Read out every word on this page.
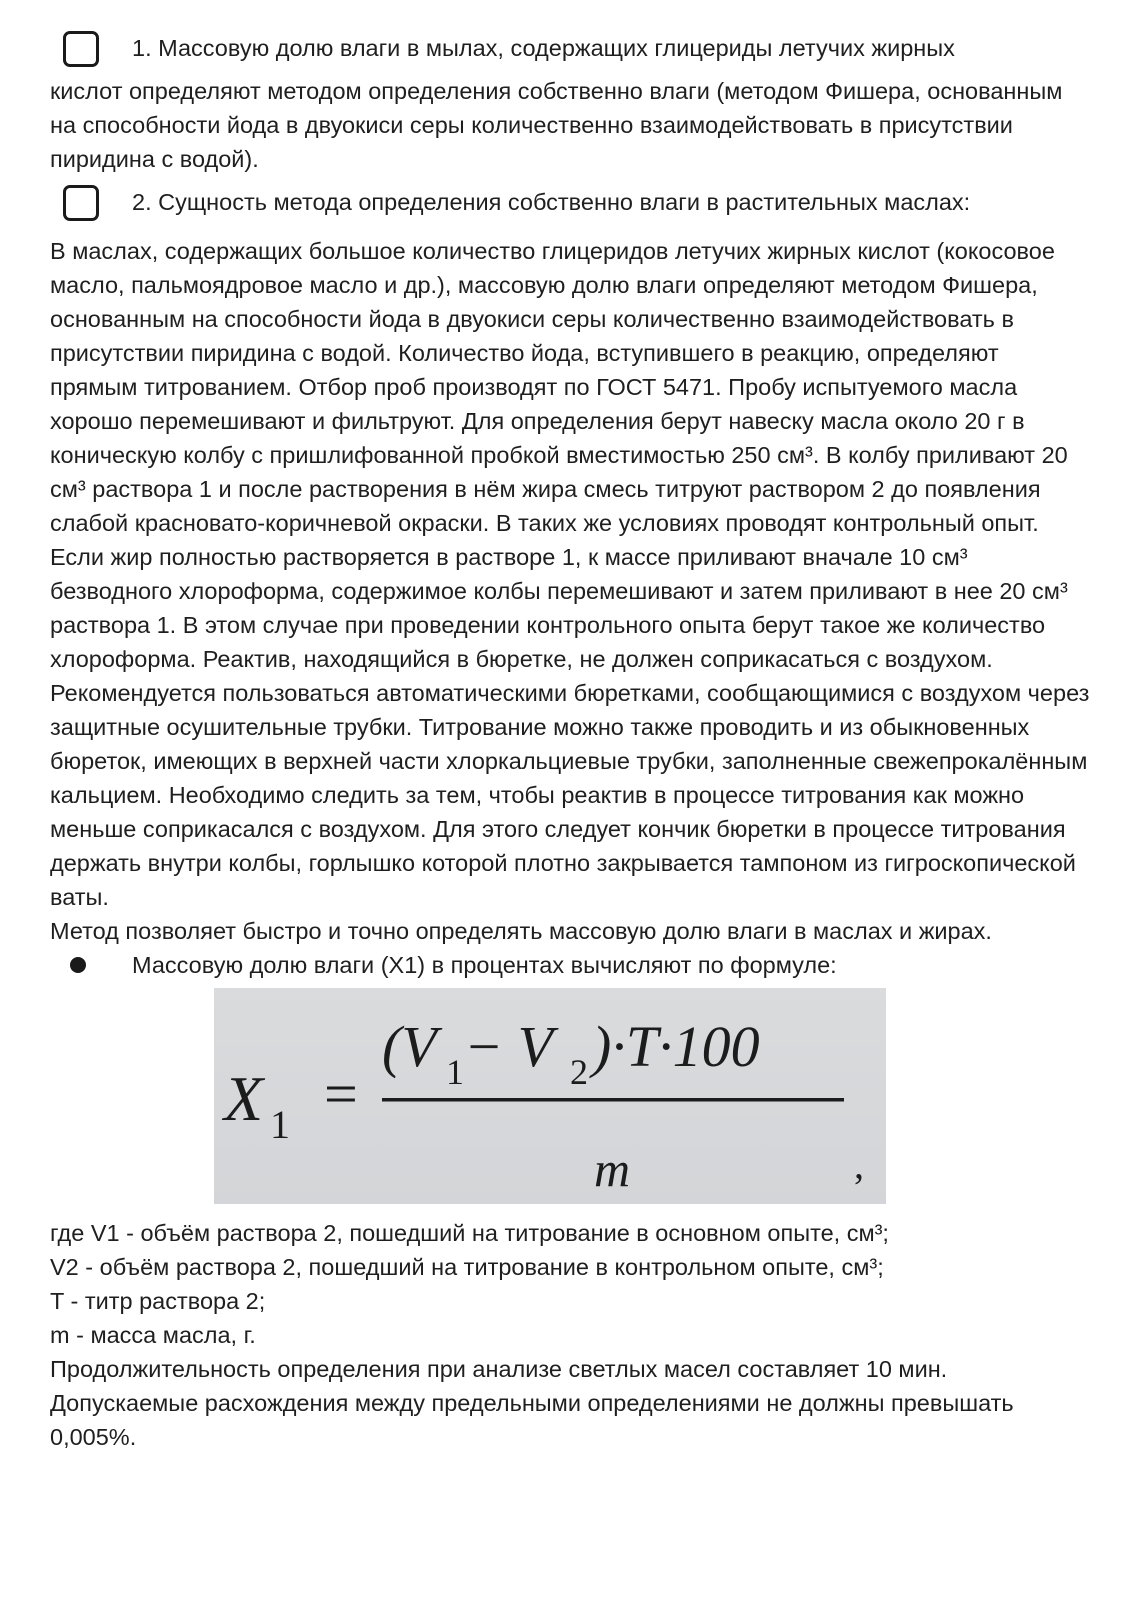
1. Массовую долю влаги в мылах, содержащих глицериды летучих жирных

кислот определяют методом определения собственно влаги (методом Фишера, основанным на способности йода в двуокиси серы количественно взаимодействовать в присутствии пиридина с водой).

2. Сущность метода определения собственно влаги в растительных маслах:

В маслах, содержащих большое количество глицеридов летучих жирных кислот (кокосовое масло, пальмоядровое масло и др.), массовую долю влаги определяют методом Фишера, основанным на способности йода в двуокиси серы количественно взаимодействовать в присутствии пиридина с водой. Количество йода, вступившего в реакцию, определяют прямым титрованием. Отбор проб производят по ГОСТ 5471. Пробу испытуемого масла хорошо перемешивают и фильтруют. Для определения берут навеску масла около 20 г в коническую колбу с пришлифованной пробкой вместимостью 250 см³. В колбу приливают 20 см³ раствора 1 и после растворения в нём жира смесь титруют раствором 2 до появления слабой красновато-коричневой окраски. В таких же условиях проводят контрольный опыт. Если жир полностью растворяется в растворе 1, к массе приливают вначале 10 см³ безводного хлороформа, содержимое колбы перемешивают и затем приливают в нее 20 см³ раствора 1. В этом случае при проведении контрольного опыта берут такое же количество хлороформа. Реактив, находящийся в бюретке, не должен соприкасаться с воздухом. Рекомендуется пользоваться автоматическими бюретками, сообщающимися с воздухом через защитные осушительные трубки. Титрование можно также проводить и из обыкновенных бюреток, имеющих в верхней части хлоркальциевые трубки, заполненные свежепрокалённым кальцием. Необходимо следить за тем, чтобы реактив в процессе титрования как можно меньше соприкасался с воздухом. Для этого следует кончик бюретки в процессе титрования держать внутри колбы, горлышко которой плотно закрывается тампоном из гигроскопической ваты.

Метод позволяет быстро и точно определять массовую долю влаги в маслах и жирах.

Массовую долю влаги (X1) в процентах вычисляют по формуле:
X 1 =
(V 1 − V 2 )·T·100
m	,
где V1 - объём раствора 2, пошедший на титрование в основном опыте, см³;
V2 - объём раствора 2, пошедший на титрование в контрольном опыте, см³;
T - титр раствора 2;
m - масса масла, г.

Продолжительность определения при анализе светлых масел составляет 10 мин.

Допускаемые расхождения между предельными определениями не должны превышать 0,005%.
